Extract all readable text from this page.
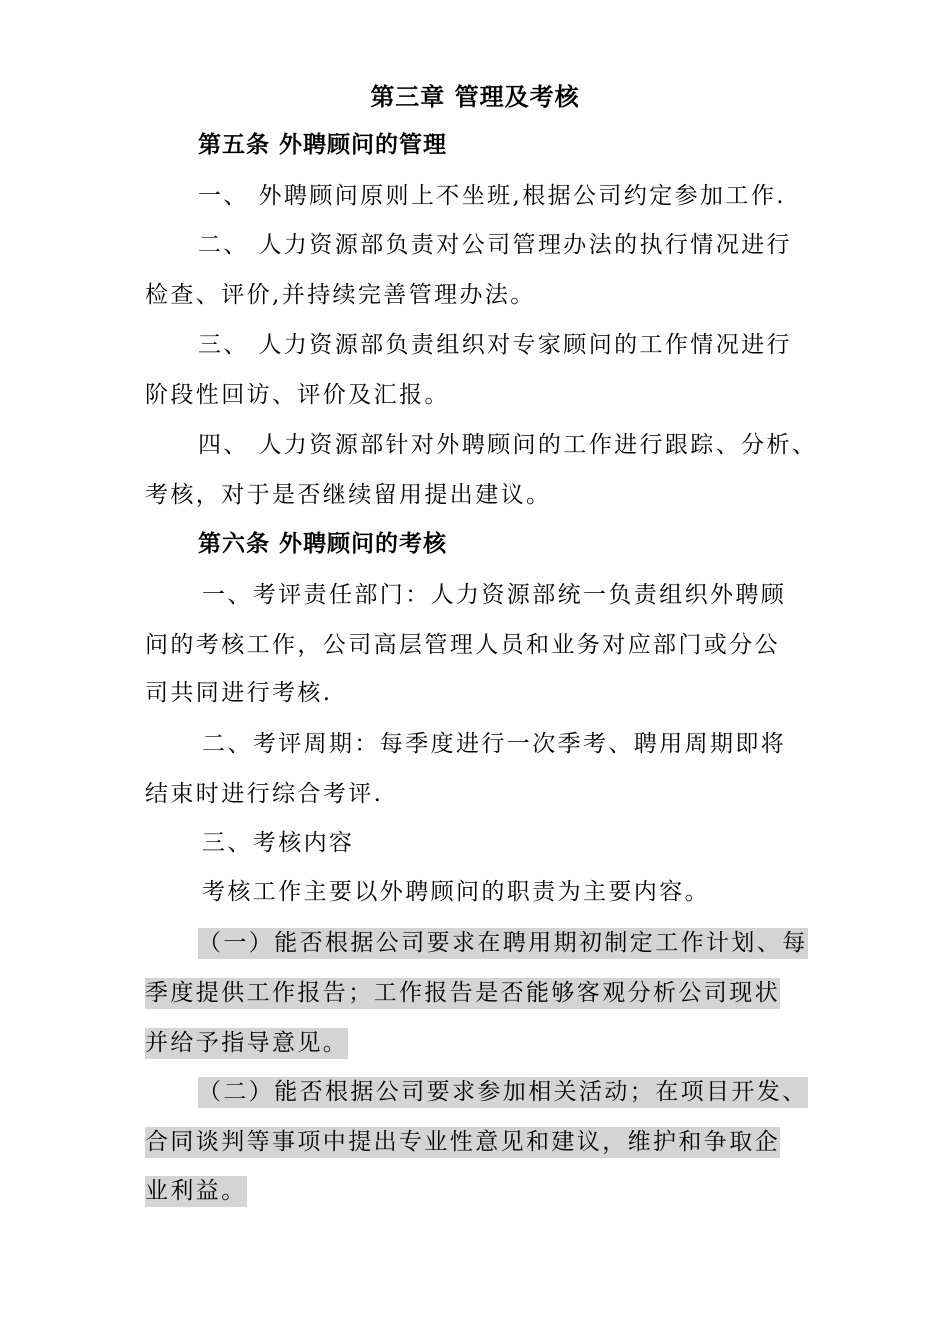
第三章 管理及考核
第五条 外聘顾问的管理
一、 外聘顾问原则上不坐班,根据公司约定参加工作.
二、 人力资源部负责对公司管理办法的执行情况进行
检查、评价,并持续完善管理办法。
三、 人力资源部负责组织对专家顾问的工作情况进行
阶段性回访、评价及汇报。
四、 人力资源部针对外聘顾问的工作进行跟踪、分析、
考核，对于是否继续留用提出建议。
第六条 外聘顾问的考核
一、考评责任部门：人力资源部统一负责组织外聘顾
问的考核工作，公司高层管理人员和业务对应部门或分公
司共同进行考核.
二、考评周期：每季度进行一次季考、聘用周期即将
结束时进行综合考评.
三、考核内容
考核工作主要以外聘顾问的职责为主要内容。
（一）能否根据公司要求在聘用期初制定工作计划、每
季度提供工作报告；工作报告是否能够客观分析公司现状
并给予指导意见。
（二）能否根据公司要求参加相关活动；在项目开发、
合同谈判等事项中提出专业性意见和建议，维护和争取企
业利益。
